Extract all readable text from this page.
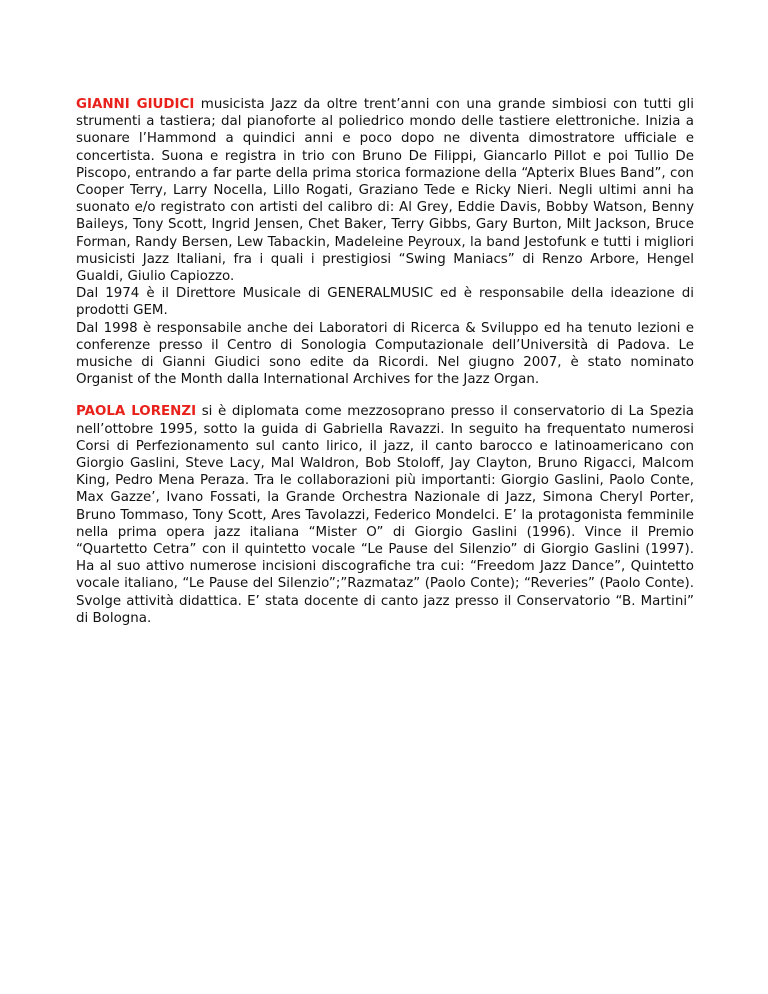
GIANNI GIUDICI musicista Jazz da oltre trent’anni con una grande simbiosi con tutti gli strumenti a tastiera; dal pianoforte al poliedrico mondo delle tastiere elettroniche. Inizia a suonare l’Hammond a quindici anni e poco dopo ne diventa dimostratore ufficiale e concertista. Suona e registra in trio con Bruno De Filippi, Giancarlo Pillot e poi Tullio De Piscopo, entrando a far parte della prima storica formazione della “Apterix Blues Band”, con Cooper Terry, Larry Nocella, Lillo Rogati, Graziano Tede e Ricky Nieri. Negli ultimi anni ha suonato e/o registrato con artisti del calibro di: Al Grey, Eddie Davis, Bobby Watson, Benny Baileys, Tony Scott, Ingrid Jensen, Chet Baker, Terry Gibbs, Gary Burton, Milt Jackson, Bruce Forman, Randy Bersen, Lew Tabackin, Madeleine Peyroux, la band Jestofunk e tutti i migliori musicisti Jazz Italiani, fra i quali i prestigiosi “Swing Maniacs” di Renzo Arbore, Hengel Gualdi, Giulio Capiozzo.

Dal 1974 è il Direttore Musicale di GENERALMUSIC ed è responsabile della ideazione di prodotti GEM.

Dal 1998 è responsabile anche dei Laboratori di Ricerca & Sviluppo ed ha tenuto lezioni e conferenze presso il Centro di Sonologia Computazionale dell’Università di Padova. Le musiche di Gianni Giudici sono edite da Ricordi. Nel giugno 2007, è stato nominato Organist of the Month dalla International Archives for the Jazz Organ.

PAOLA LORENZI si è diplomata come mezzosoprano presso il conservatorio di La Spezia nell’ottobre 1995, sotto la guida di Gabriella Ravazzi. In seguito ha frequentato numerosi Corsi di Perfezionamento sul canto lirico, il jazz, il canto barocco e latinoamericano con Giorgio Gaslini, Steve Lacy, Mal Waldron, Bob Stoloff, Jay Clayton, Bruno Rigacci, Malcom King, Pedro Mena Peraza. Tra le collaborazioni più importanti: Giorgio Gaslini, Paolo Conte, Max Gazze’, Ivano Fossati, la Grande Orchestra Nazionale di Jazz, Simona Cheryl Porter, Bruno Tommaso, Tony Scott, Ares Tavolazzi, Federico Mondelci. E’ la protagonista femminile nella prima opera jazz italiana “Mister O” di Giorgio Gaslini (1996). Vince il Premio “Quartetto Cetra” con il quintetto vocale “Le Pause del Silenzio” di Giorgio Gaslini (1997). Ha al suo attivo numerose incisioni discografiche tra cui: “Freedom Jazz Dance”, Quintetto vocale italiano, “Le Pause del Silenzio”;”Razmataz” (Paolo Conte); “Reveries” (Paolo Conte). Svolge attività didattica. E’ stata docente di canto jazz presso il Conservatorio “B. Martini” di Bologna.
